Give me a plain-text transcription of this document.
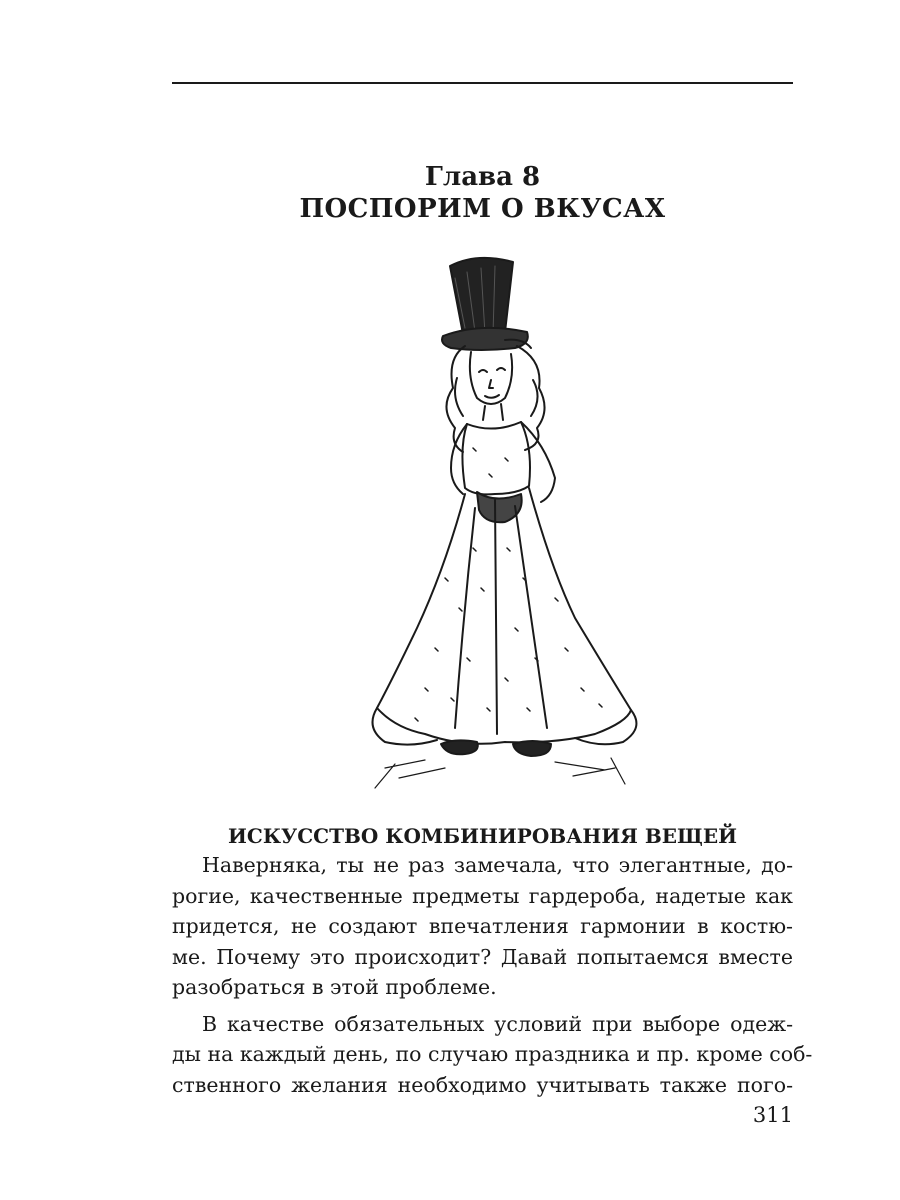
Глава 8
ПОСПОРИМ О ВКУСАХ
ИСКУССТВО КОМБИНИРОВАНИЯ ВЕЩЕЙ
Наверняка, ты не раз замечала, что элегантные, до-
рогие, качественные предметы гардероба, надетые как
придется, не создают впечатления гармонии в костю-
ме. Почему это происходит? Давай попытаемся вместе
разобраться в этой проблеме.
В качестве обязательных условий при выборе одеж-
ды на каждый день, по случаю праздника и пр. кроме соб-
ственного желания необходимо учитывать также пого-
311
